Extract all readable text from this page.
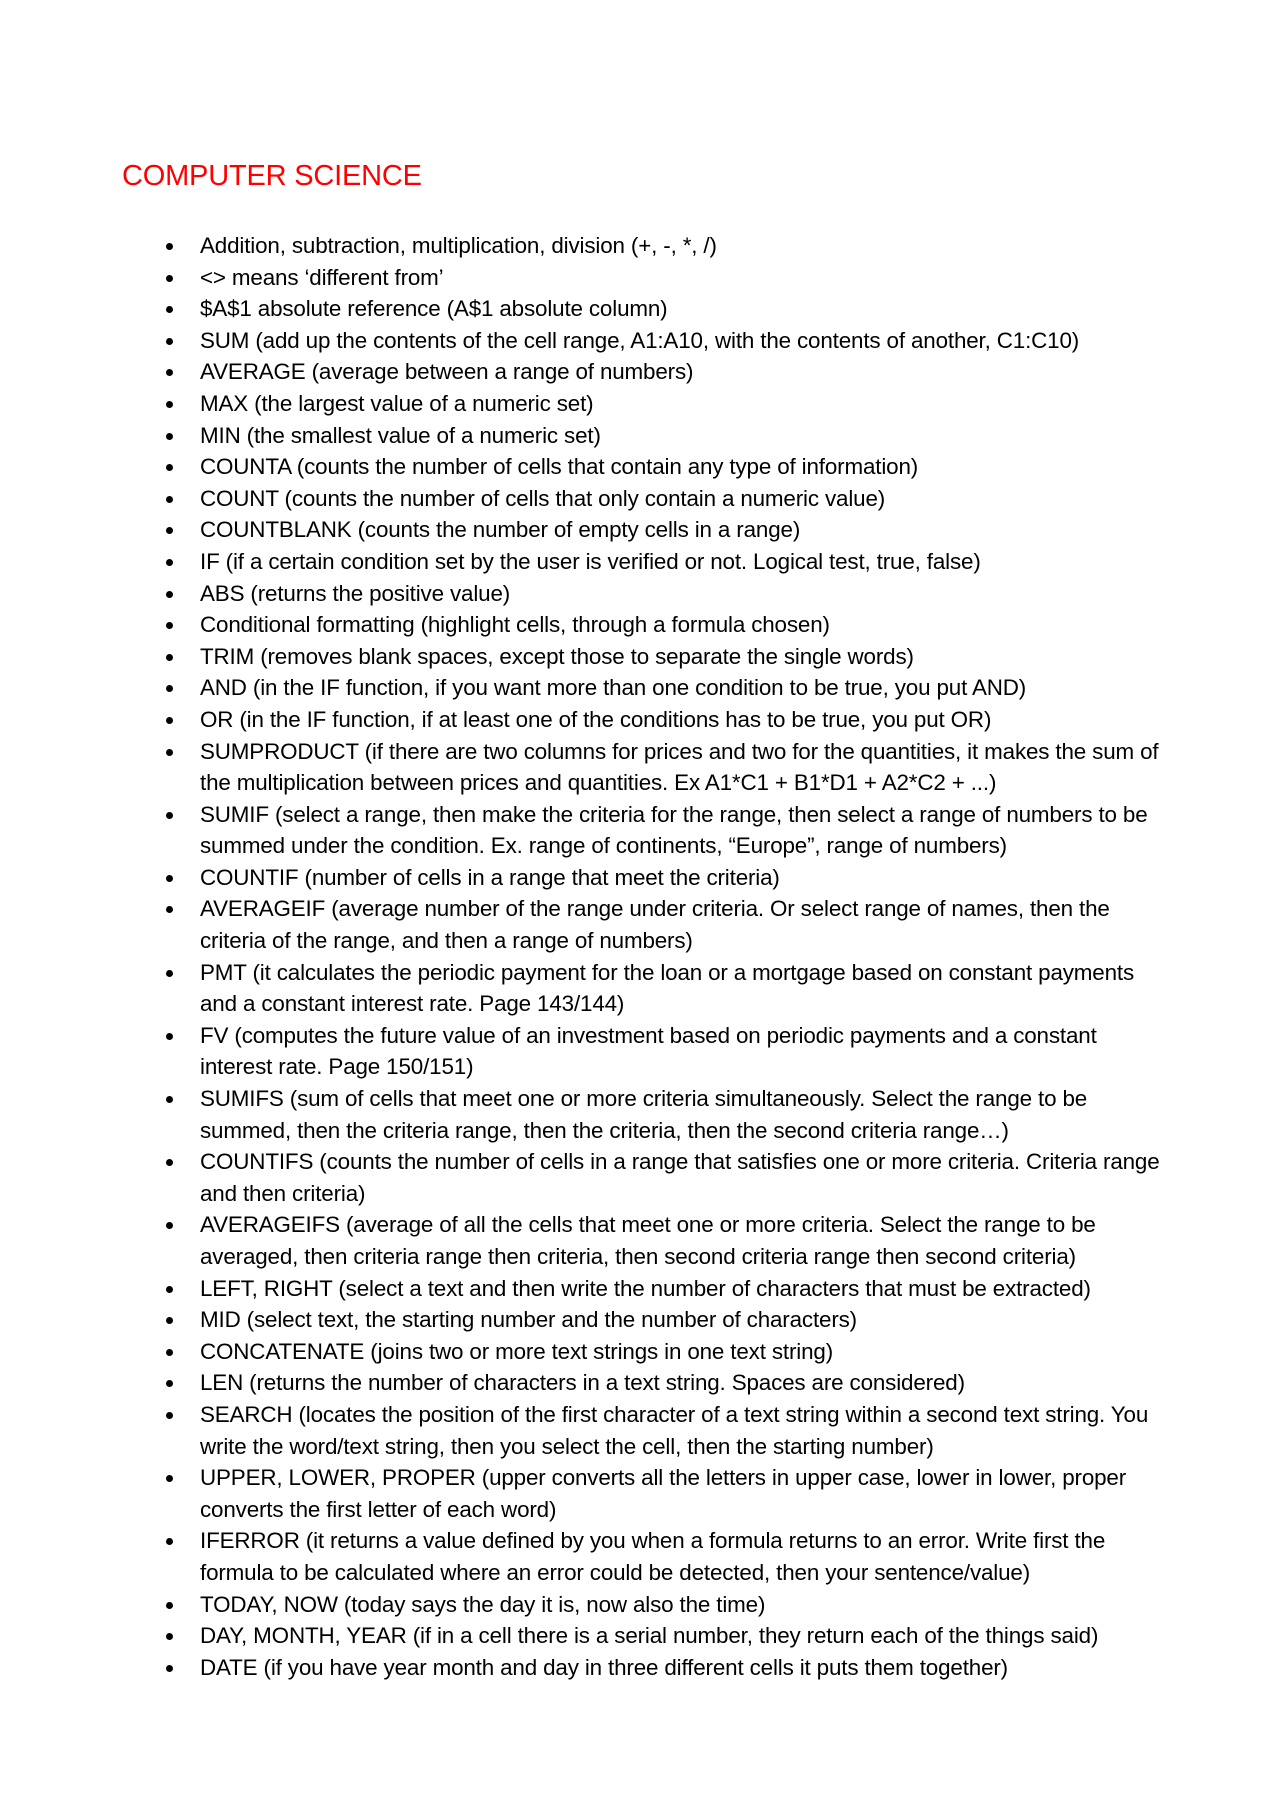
COMPUTER SCIENCE
Addition, subtraction, multiplication, division (+, -, *, /)
<> means ‘different from’
$A$1 absolute reference (A$1 absolute column)
SUM (add up the contents of the cell range, A1:A10, with the contents of another, C1:C10)
AVERAGE (average between a range of numbers)
MAX (the largest value of a numeric set)
MIN (the smallest value of a numeric set)
COUNTA (counts the number of cells that contain any type of information)
COUNT (counts the number of cells that only contain a numeric value)
COUNTBLANK (counts the number of empty cells in a range)
IF (if a certain condition set by the user is verified or not. Logical test, true, false)
ABS (returns the positive value)
Conditional formatting (highlight cells, through a formula chosen)
TRIM (removes blank spaces, except those to separate the single words)
AND (in the IF function, if you want more than one condition to be true, you put AND)
OR (in the IF function, if at least one of the conditions has to be true, you put OR)
SUMPRODUCT (if there are two columns for prices and two for the quantities, it makes the sum of the multiplication between prices and quantities. Ex A1*C1 + B1*D1 + A2*C2 + ...)
SUMIF (select a range, then make the criteria for the range, then select a range of numbers to be summed under the condition. Ex. range of continents, “Europe”, range of numbers)
COUNTIF (number of cells in a range that meet the criteria)
AVERAGEIF (average number of the range under criteria. Or select range of names, then the criteria of the range, and then a range of numbers)
PMT (it calculates the periodic payment for the loan or a mortgage based on constant payments and a constant interest rate. Page 143/144)
FV (computes the future value of an investment based on periodic payments and a constant interest rate. Page 150/151)
SUMIFS (sum of cells that meet one or more criteria simultaneously. Select the range to be summed, then the criteria range, then the criteria, then the second criteria range…)
COUNTIFS (counts the number of cells in a range that satisfies one or more criteria. Criteria range and then criteria)
AVERAGEIFS (average of all the cells that meet one or more criteria. Select the range to be averaged, then criteria range then criteria, then second criteria range then second criteria)
LEFT, RIGHT (select a text and then write the number of characters that must be extracted)
MID (select text, the starting number and the number of characters)
CONCATENATE (joins two or more text strings in one text string)
LEN (returns the number of characters in a text string. Spaces are considered)
SEARCH (locates the position of the first character of a text string within a second text string. You write the word/text string, then you select the cell, then the starting number)
UPPER, LOWER, PROPER (upper converts all the letters in upper case, lower in lower, proper converts the first letter of each word)
IFERROR (it returns a value defined by you when a formula returns to an error. Write first the formula to be calculated where an error could be detected, then your sentence/value)
TODAY, NOW (today says the day it is, now also the time)
DAY, MONTH, YEAR (if in a cell there is a serial number, they return each of the things said)
DATE (if you have year month and day in three different cells it puts them together)
